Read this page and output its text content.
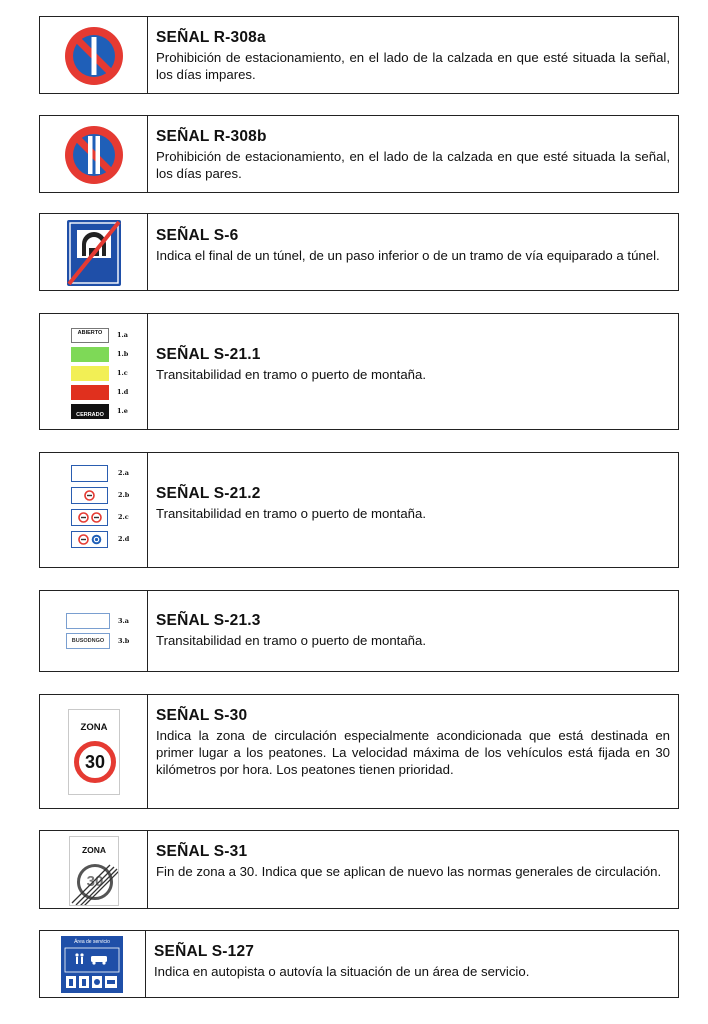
SEÑAL R-308a

Prohibición de estacionamiento, en el lado de la calzada en que esté situada la señal, los días impares.

SEÑAL R-308b

Prohibición de estacionamiento, en el lado de la calzada en que esté situada la señal, los días pares.

SEÑAL S-6

Indica el final de un túnel, de un paso inferior o de un tramo de vía equiparado a túnel.

ABIERTO	1.a
1.b
1.c
1.d
CERRADO	1.e

SEÑAL S-21.1

Transitabilidad en tramo o puerto de montaña.

2.a
2.b
2.c
2.d

SEÑAL S-21.2

Transitabilidad en tramo o puerto de montaña.

3.a
BUSODNGO	3.b

SEÑAL S-21.3

Transitabilidad en tramo o puerto de montaña.

ZONA
30

SEÑAL S-30

Indica la zona de circulación especialmente acondicionada que está destinada en primer lugar a los peatones. La velocidad máxima de los vehículos está fijada en 30 kilómetros por hora. Los peatones tienen prioridad.

ZONA
30

SEÑAL S-31

Fin de zona a 30. Indica que se aplican de nuevo las normas generales de circulación.

Área de servicio

SEÑAL S-127

Indica en autopista o autovía la situación de un área de servicio.
